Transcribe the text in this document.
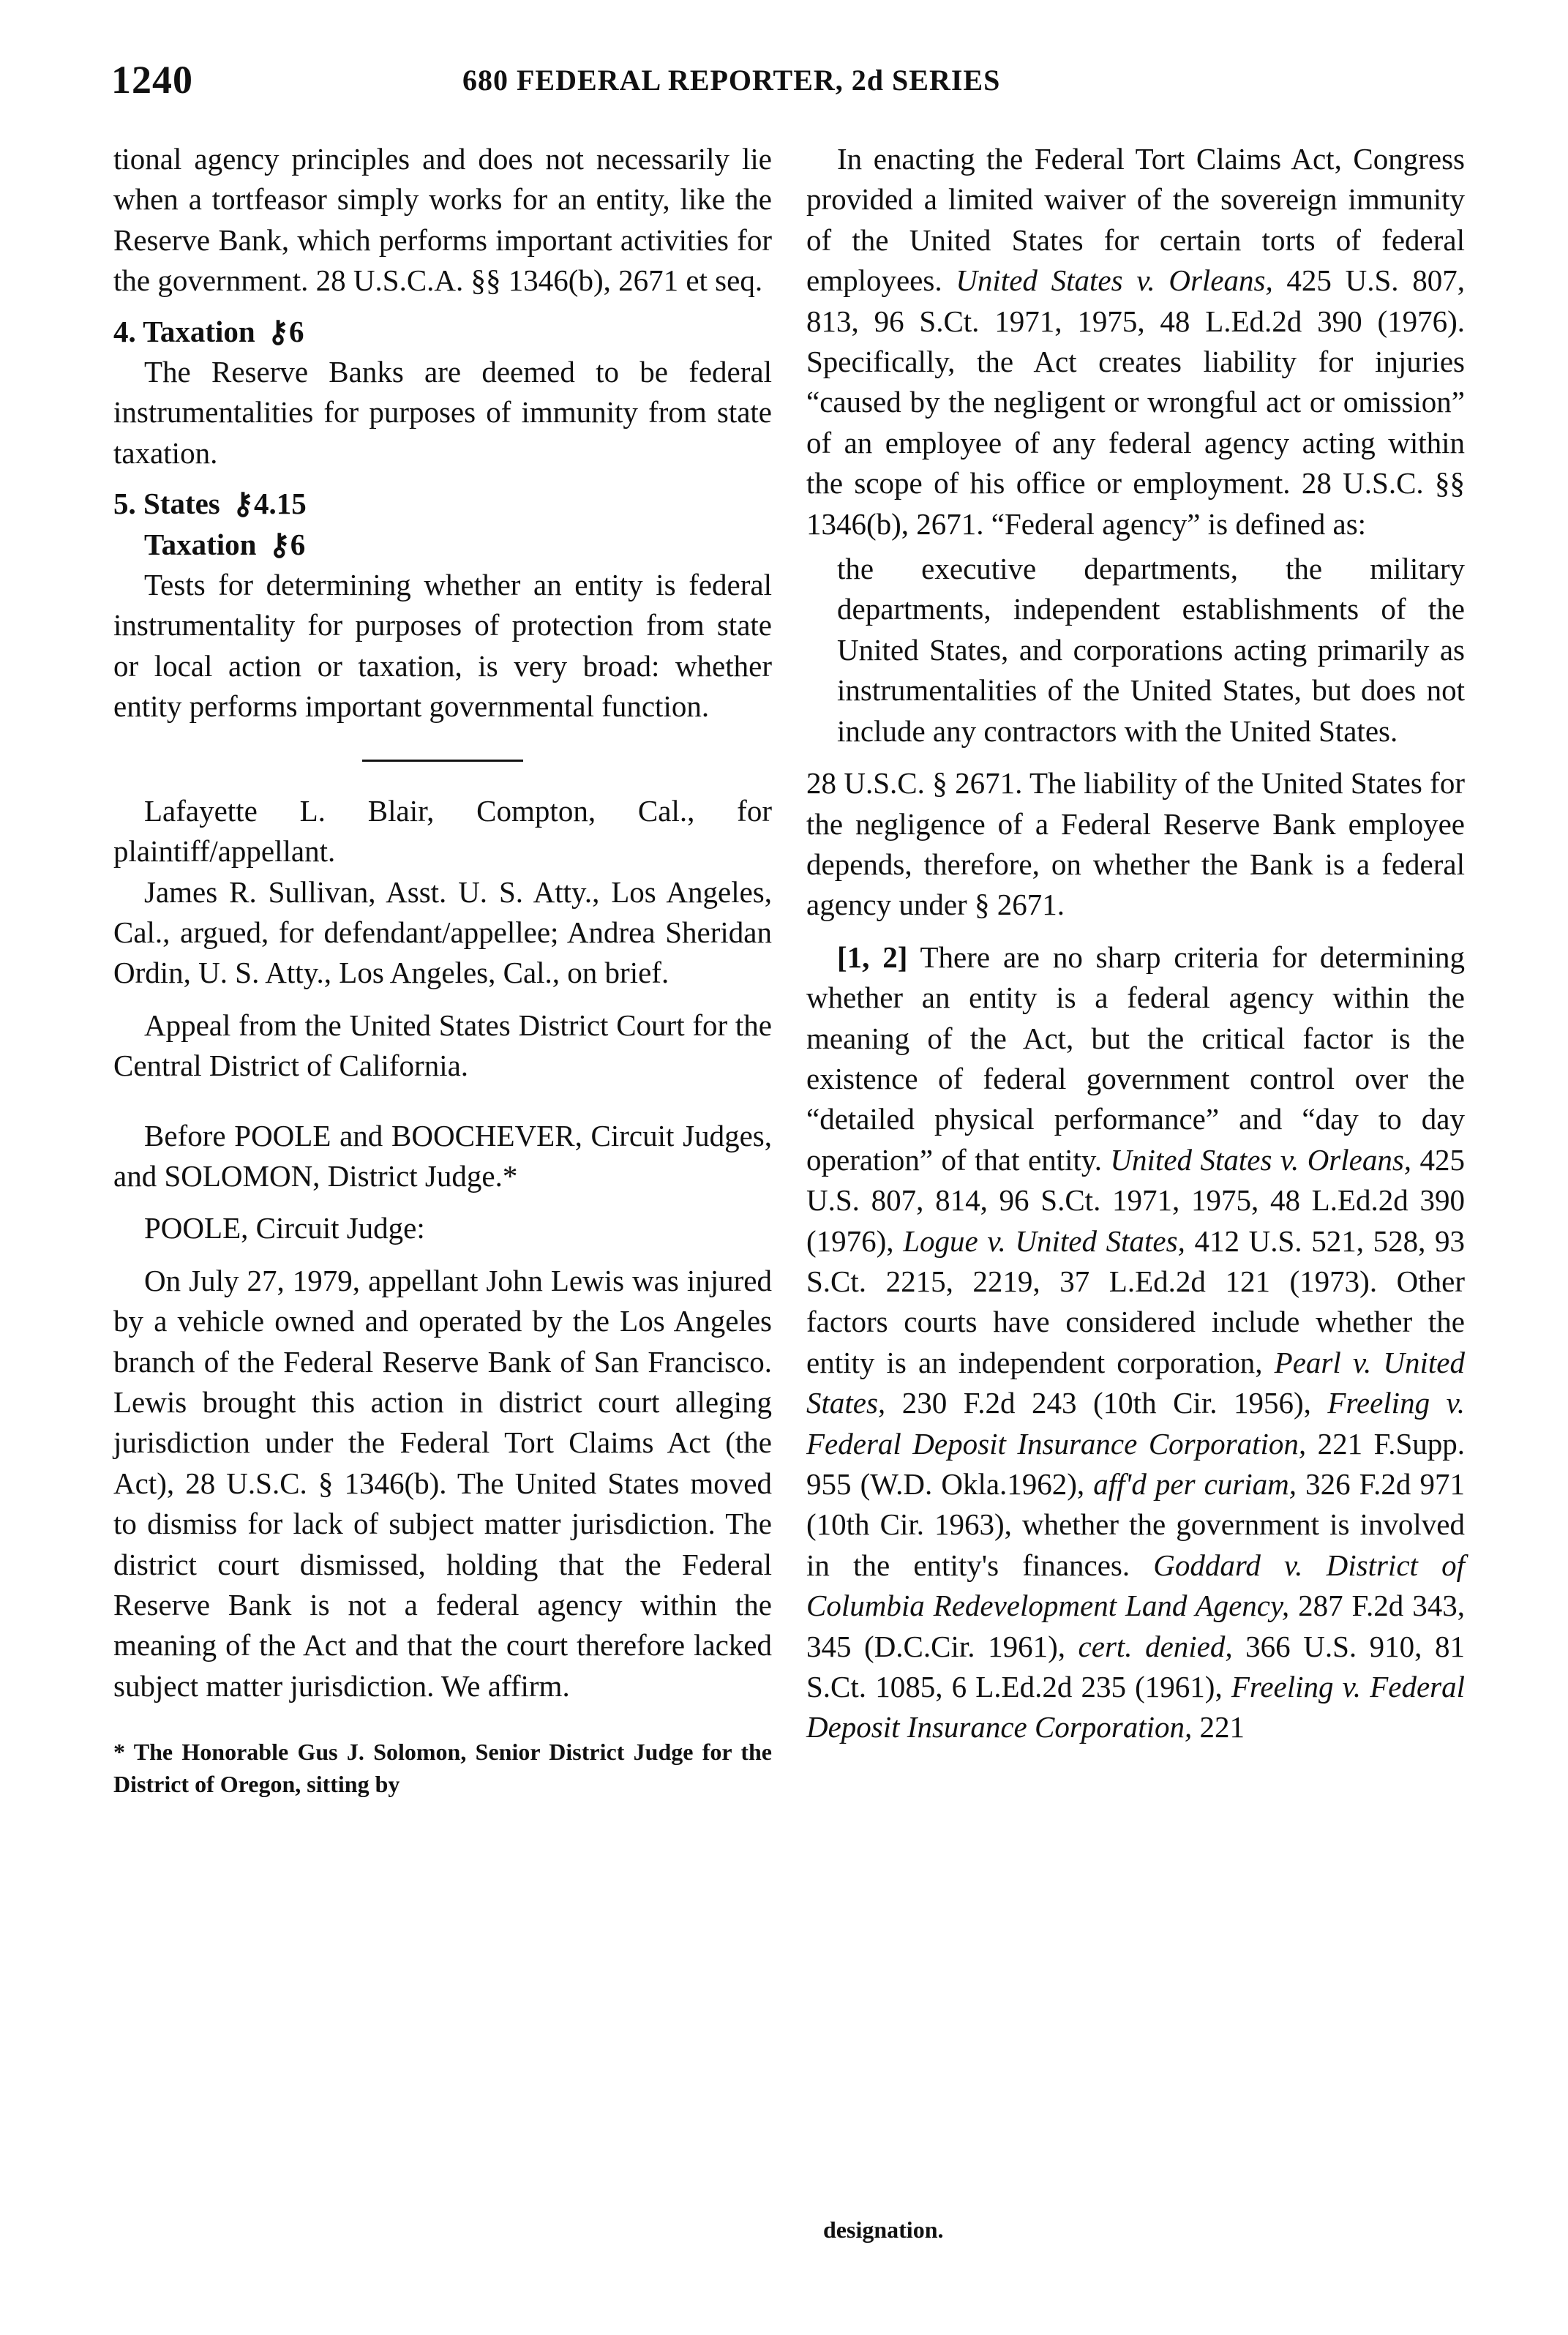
1240	680 FEDERAL REPORTER, 2d SERIES

tional agency principles and does not necessarily lie when a tortfeasor simply works for an entity, like the Reserve Bank, which performs important activities for the government. 28 U.S.C.A. §§ 1346(b), 2671 et seq.

4. Taxation ⚷6

The Reserve Banks are deemed to be federal instrumentalities for purposes of immunity from state taxation.

5. States ⚷4.15

Taxation ⚷6

Tests for determining whether an entity is federal instrumentality for purposes of protection from state or local action or taxation, is very broad: whether entity performs important governmental function.

Lafayette L. Blair, Compton, Cal., for plaintiff/appellant.

James R. Sullivan, Asst. U. S. Atty., Los Angeles, Cal., argued, for defendant/appellee; Andrea Sheridan Ordin, U. S. Atty., Los Angeles, Cal., on brief.

Appeal from the United States District Court for the Central District of California.

Before POOLE and BOOCHEVER, Circuit Judges, and SOLOMON, District Judge.*

POOLE, Circuit Judge:

On July 27, 1979, appellant John Lewis was injured by a vehicle owned and operated by the Los Angeles branch of the Federal Reserve Bank of San Francisco. Lewis brought this action in district court alleging jurisdiction under the Federal Tort Claims Act (the Act), 28 U.S.C. § 1346(b). The United States moved to dismiss for lack of subject matter jurisdiction. The district court dismissed, holding that the Federal Reserve Bank is not a federal agency within the meaning of the Act and that the court therefore lacked subject matter jurisdiction. We affirm.

* The Honorable Gus J. Solomon, Senior District Judge for the District of Oregon, sitting by

In enacting the Federal Tort Claims Act, Congress provided a limited waiver of the sovereign immunity of the United States for certain torts of federal employees. United States v. Orleans, 425 U.S. 807, 813, 96 S.Ct. 1971, 1975, 48 L.Ed.2d 390 (1976). Specifically, the Act creates liability for injuries “caused by the negligent or wrongful act or omission” of an employee of any federal agency acting within the scope of his office or employment. 28 U.S.C. §§ 1346(b), 2671. “Federal agency” is defined as:

the executive departments, the military departments, independent establishments of the United States, and corporations acting primarily as instrumentalities of the United States, but does not include any contractors with the United States.

28 U.S.C. § 2671. The liability of the United States for the negligence of a Federal Reserve Bank employee depends, therefore, on whether the Bank is a federal agency under § 2671.

[1, 2] There are no sharp criteria for determining whether an entity is a federal agency within the meaning of the Act, but the critical factor is the existence of federal government control over the “detailed physical performance” and “day to day operation” of that entity. United States v. Orleans, 425 U.S. 807, 814, 96 S.Ct. 1971, 1975, 48 L.Ed.2d 390 (1976), Logue v. United States, 412 U.S. 521, 528, 93 S.Ct. 2215, 2219, 37 L.Ed.2d 121 (1973). Other factors courts have considered include whether the entity is an independent corporation, Pearl v. United States, 230 F.2d 243 (10th Cir. 1956), Freeling v. Federal Deposit Insurance Corporation, 221 F.Supp. 955 (W.D. Okla.1962), aff'd per curiam, 326 F.2d 971 (10th Cir. 1963), whether the government is involved in the entity's finances. Goddard v. District of Columbia Redevelopment Land Agency, 287 F.2d 343, 345 (D.C.Cir. 1961), cert. denied, 366 U.S. 910, 81 S.Ct. 1085, 6 L.Ed.2d 235 (1961), Freeling v. Federal Deposit Insurance Corporation, 221

designation.
